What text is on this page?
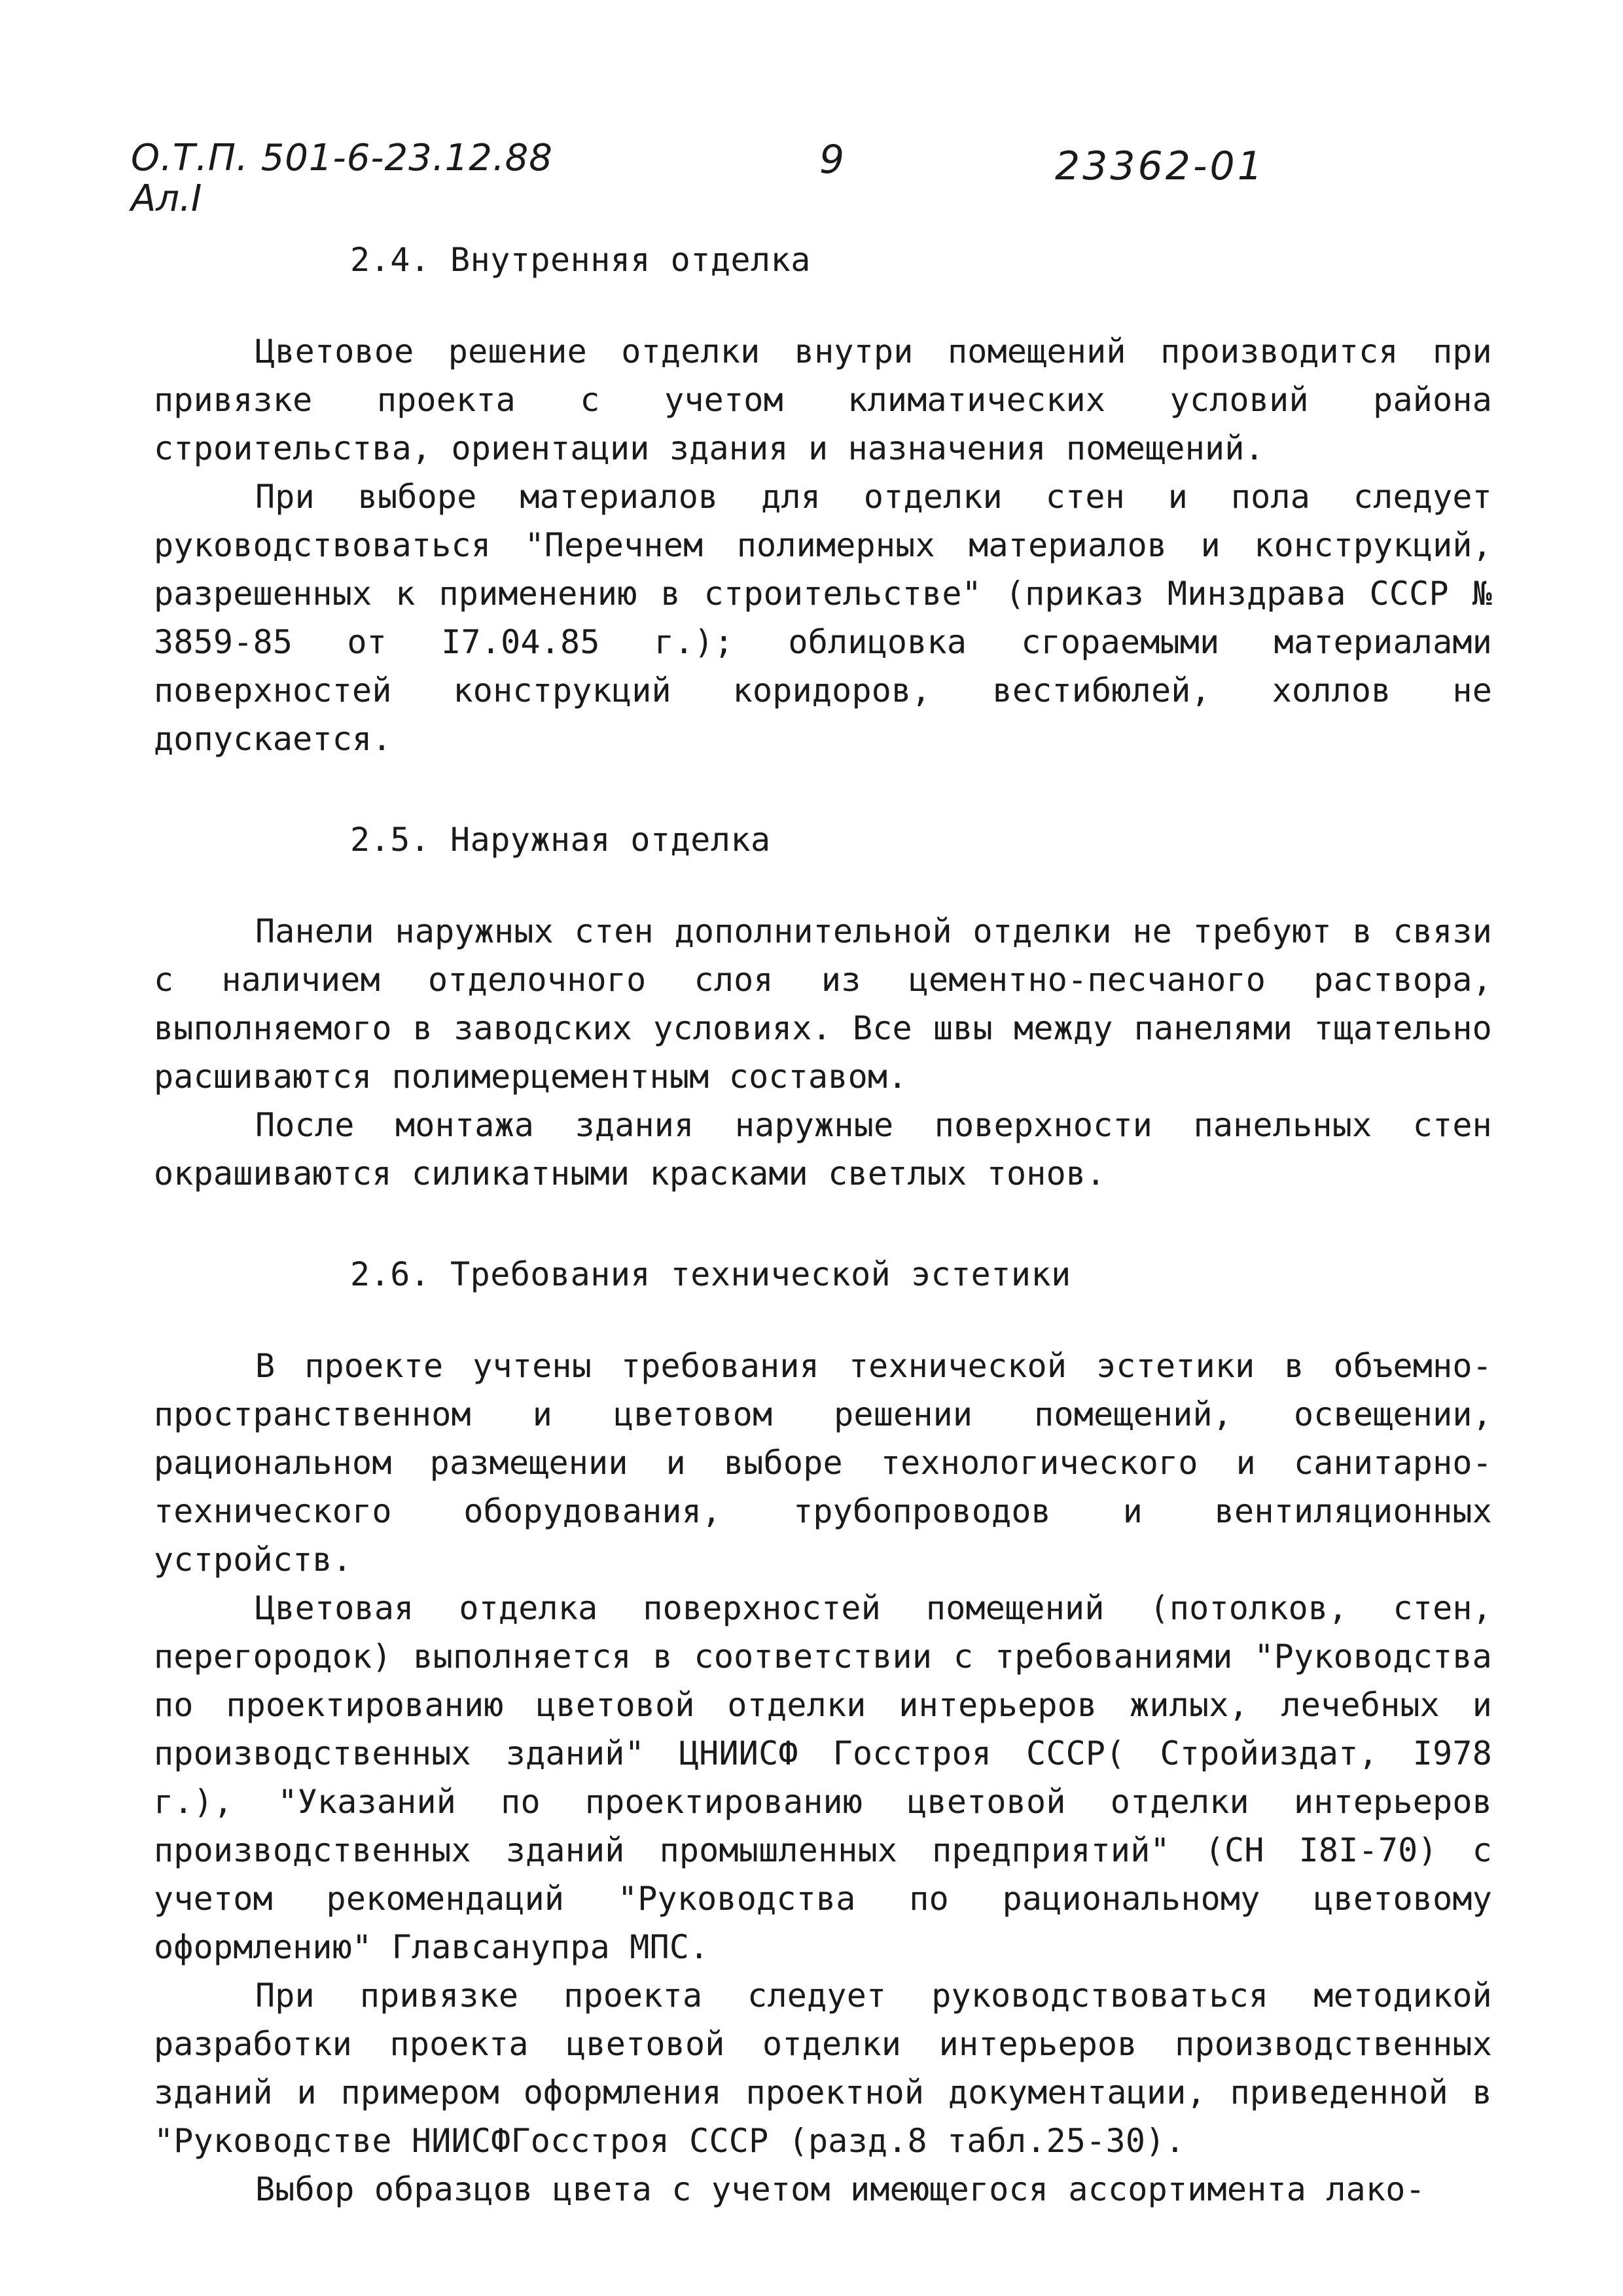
О.Т.П. 501-6-23.12.88
Ал.I
9	23362-01
2.4. Внутренняя отделка

Цветовое решение отделки внутри помещений производится при привязке проекта с учетом климатических условий района строительства, ориентации здания и назначения помещений.

При выборе материалов для отделки стен и пола следует руководствоваться "Перечнем полимерных материалов и конструкций, разрешенных к применению в строительстве" (приказ Минздрава СССР № 3859-85 от I7.04.85 г.); облицовка сгораемыми материалами поверхностей конструкций коридоров, вестибюлей, холлов не допускается.

2.5. Наружная отделка

Панели наружных стен дополнительной отделки не требуют в связи с наличием отделочного слоя из цементно-песчаного раствора, выполняемого в заводских условиях. Все швы между панелями тщательно расшиваются полимерцементным составом.

После монтажа здания наружные поверхности панельных стен окрашиваются силикатными красками светлых тонов.

2.6. Требования технической эстетики

В проекте учтены требования технической эстетики в объемно-пространственном и цветовом решении помещений, освещении, рациональном размещении и выборе технологического и санитарно-технического оборудования, трубопроводов и вентиляционных устройств.

Цветовая отделка поверхностей помещений (потолков, стен, перегородок) выполняется в соответствии с требованиями "Руководства по проектированию цветовой отделки интерьеров жилых, лечебных и производственных зданий" ЦНИИСФ Госстроя СССР( Стройиздат, I978 г.), "Указаний по проектированию цветовой отделки интерьеров производственных зданий промышленных предприятий" (СН I8I-70) с учетом рекомендаций "Руководства по рациональному цветовому оформлению" Главсанупра МПС.

При привязке проекта следует руководствоваться методикой разработки проекта цветовой отделки интерьеров производственных зданий и примером оформления проектной документации, приведенной в "Руководстве НИИСФГосстроя СССР (разд.8 табл.25-30).

Выбор образцов цвета с учетом имеющегося ассортимента лако-
